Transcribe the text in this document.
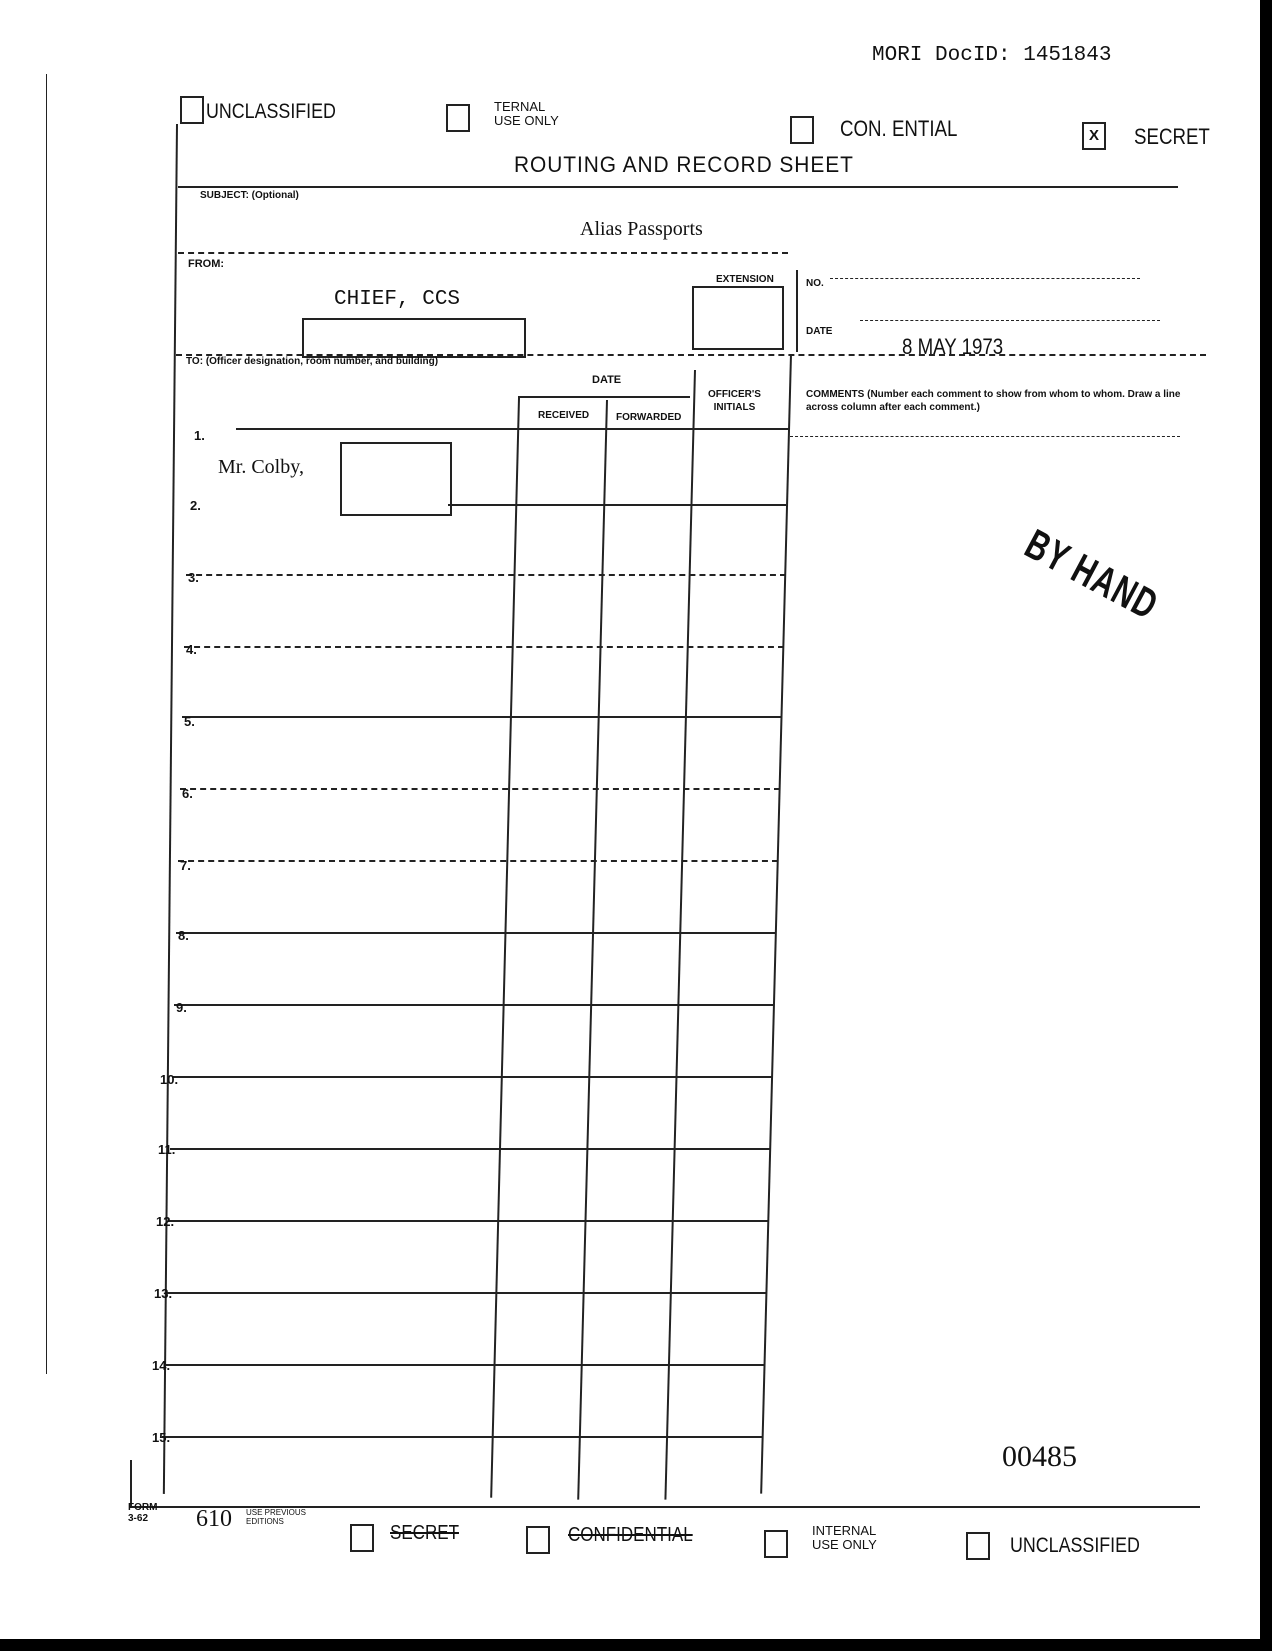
MORI DocID: 1451843
UNCLASSIFIED	TERNAL
USE ONLY	CON. ENTIAL	X	SECRET
ROUTING AND RECORD SHEET
SUBJECT: (Optional)
Alias Passports
FROM:
CHIEF, CCS
EXTENSION	NO.
DATE
8 MAY 1973
TO: (Officer designation, room number, and building)
DATE
RECEIVED	FORWARDED
OFFICER'S
INITIALS
COMMENTS (Number each comment to show from whom to whom. Draw a line across column after each comment.)
1.
Mr. Colby,
2.
3.
4.
5.
6.
7.
8.
9.
10.
11.
12.
13.
14.
15.
BY HAND
00485
FORM
3-62	610 USE PREVIOUS
EDITIONS
SECRET	CONFIDENTIAL	INTERNAL
USE ONLY	UNCLASSIFIED
